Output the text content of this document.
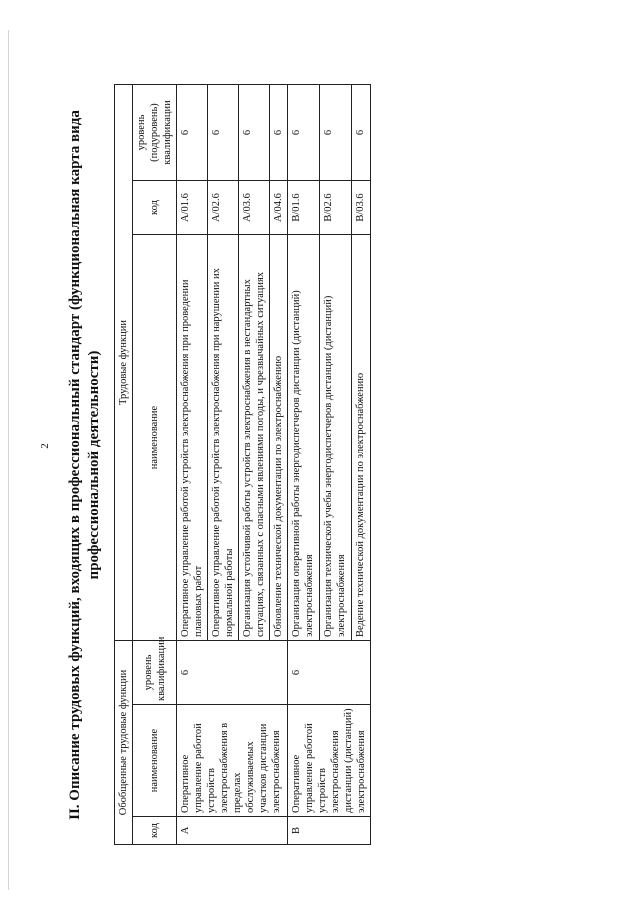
2 II. Описание трудовых функций, входящих в профессиональный стандарт (функциональная карта вида профессиональной деятельности)
Обобщенные трудовые функции			Трудовые функции		
код	наименование	уровень квалификации	наименование	код	уровень (подуровень) квалификации
A	Оперативное управление работой устройств электроснабжения в пределах обслуживаемых участков дистанции электроснабжения	6	Оперативное управление работой устройств электроснабжения при проведении плановых работ	A/01.6	6
			Оперативное управление работой устройств электроснабжения при нарушении их нормальной работы	A/02.6	6
			Организация устойчивой работы устройств электроснабжения в нестандартных ситуациях, связанных с опасными явлениями погоды, и чрезвычайных ситуациях	A/03.6	6
			Обновление технической документации по электроснабжению	A/04.6	6
B	Оперативное управление работой устройств электроснабжения дистанции (дистанций) электроснабжения	6	Организация оперативной работы энергодиспетчеров дистанции (дистанций) электроснабжения	B/01.6	6
			Организация технической учебы энергодиспетчеров дистанции (дистанций) электроснабжения	B/02.6	6
			Ведение технической документации по электроснабжению	B/03.6	6
